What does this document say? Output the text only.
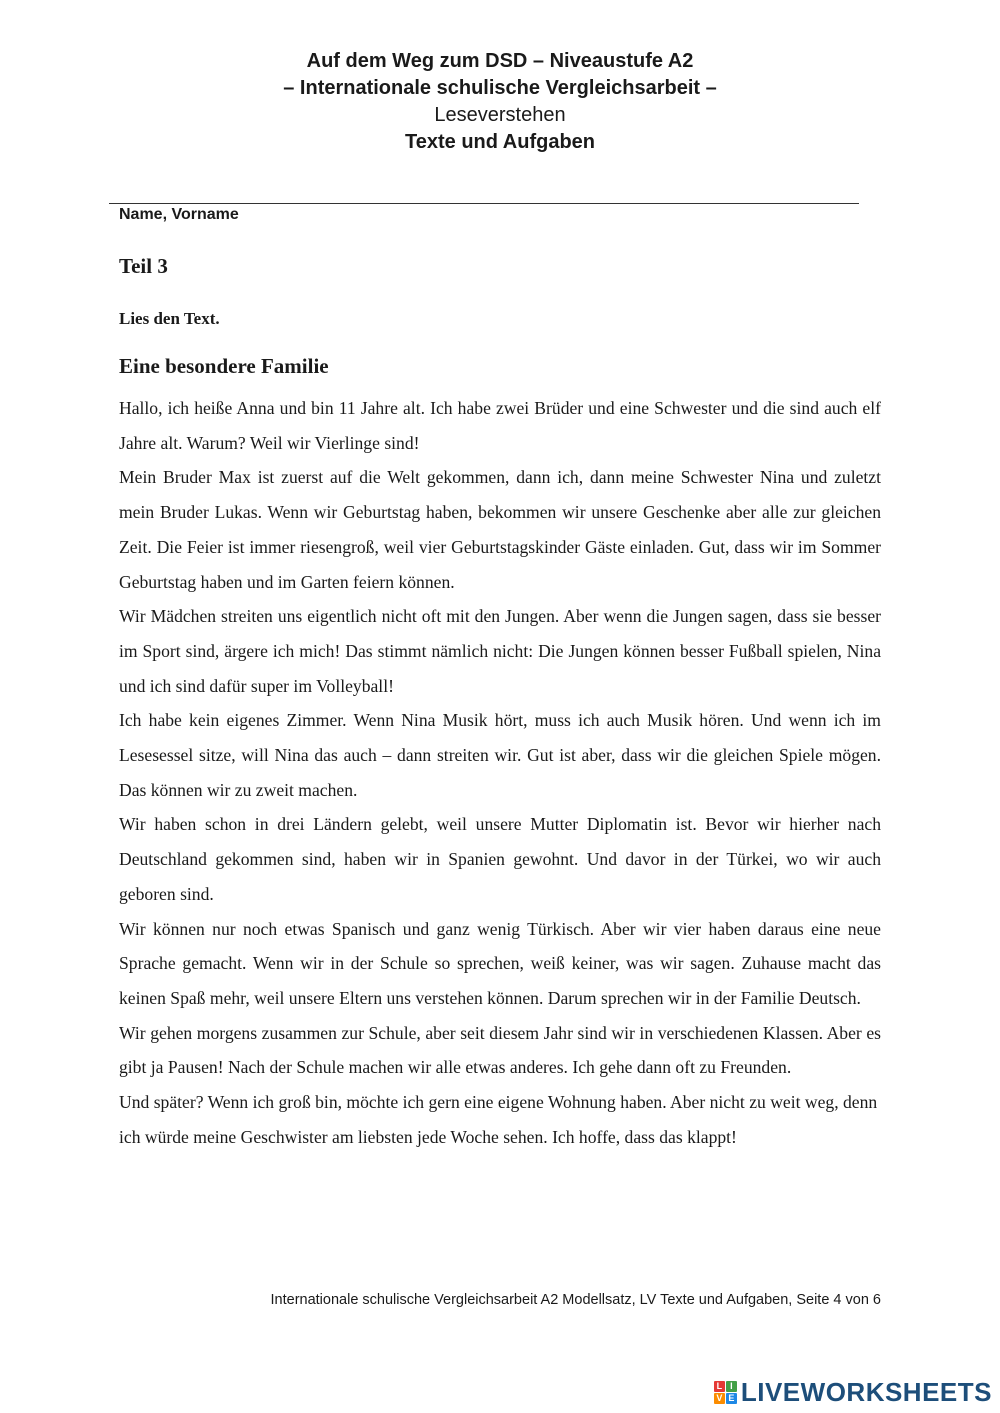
Auf dem Weg zum DSD – Niveaustufe A2
– Internationale schulische Vergleichsarbeit –
Leseverstehen
Texte und Aufgaben
Name, Vorname
Teil 3
Lies den Text.
Eine besondere Familie

Hallo, ich heiße Anna und bin 11 Jahre alt. Ich habe zwei Brüder und eine Schwester und die sind auch elf Jahre alt. Warum? Weil wir Vierlinge sind!

Mein Bruder Max ist zuerst auf die Welt gekommen, dann ich, dann meine Schwester Nina und zuletzt mein Bruder Lukas. Wenn wir Geburtstag haben, bekommen wir unsere Geschenke aber alle zur gleichen Zeit. Die Feier ist immer riesengroß, weil vier Geburtstagskinder Gäste einladen. Gut, dass wir im Sommer Geburtstag haben und im Garten feiern können.

Wir Mädchen streiten uns eigentlich nicht oft mit den Jungen. Aber wenn die Jungen sagen, dass sie besser im Sport sind, ärgere ich mich! Das stimmt nämlich nicht: Die Jungen können besser Fußball spielen, Nina und ich sind dafür super im Volleyball!

Ich habe kein eigenes Zimmer. Wenn Nina Musik hört, muss ich auch Musik hören. Und wenn ich im Lesesessel sitze, will Nina das auch – dann streiten wir. Gut ist aber, dass wir die gleichen Spiele mögen. Das können wir zu zweit machen.

Wir haben schon in drei Ländern gelebt, weil unsere Mutter Diplomatin ist. Bevor wir hierher nach Deutschland gekommen sind, haben wir in Spanien gewohnt. Und davor in der Türkei, wo wir auch geboren sind.

Wir können nur noch etwas Spanisch und ganz wenig Türkisch. Aber wir vier haben daraus eine neue Sprache gemacht. Wenn wir in der Schule so sprechen, weiß keiner, was wir sagen. Zuhause macht das keinen Spaß mehr, weil unsere Eltern uns verstehen können. Darum sprechen wir in der Familie Deutsch.

Wir gehen morgens zusammen zur Schule, aber seit diesem Jahr sind wir in verschiedenen Klassen. Aber es gibt ja Pausen! Nach der Schule machen wir alle etwas anderes. Ich gehe dann oft zu Freunden.

Und später? Wenn ich groß bin, möchte ich gern eine eigene Wohnung haben. Aber nicht zu weit weg, denn ich würde meine Geschwister am liebsten jede Woche sehen. Ich hoffe, dass das klappt!

Internationale schulische Vergleichsarbeit A2 Modellsatz, LV Texte und Aufgaben, Seite 4 von 6
L I
V E LIVEWORKSHEETS
